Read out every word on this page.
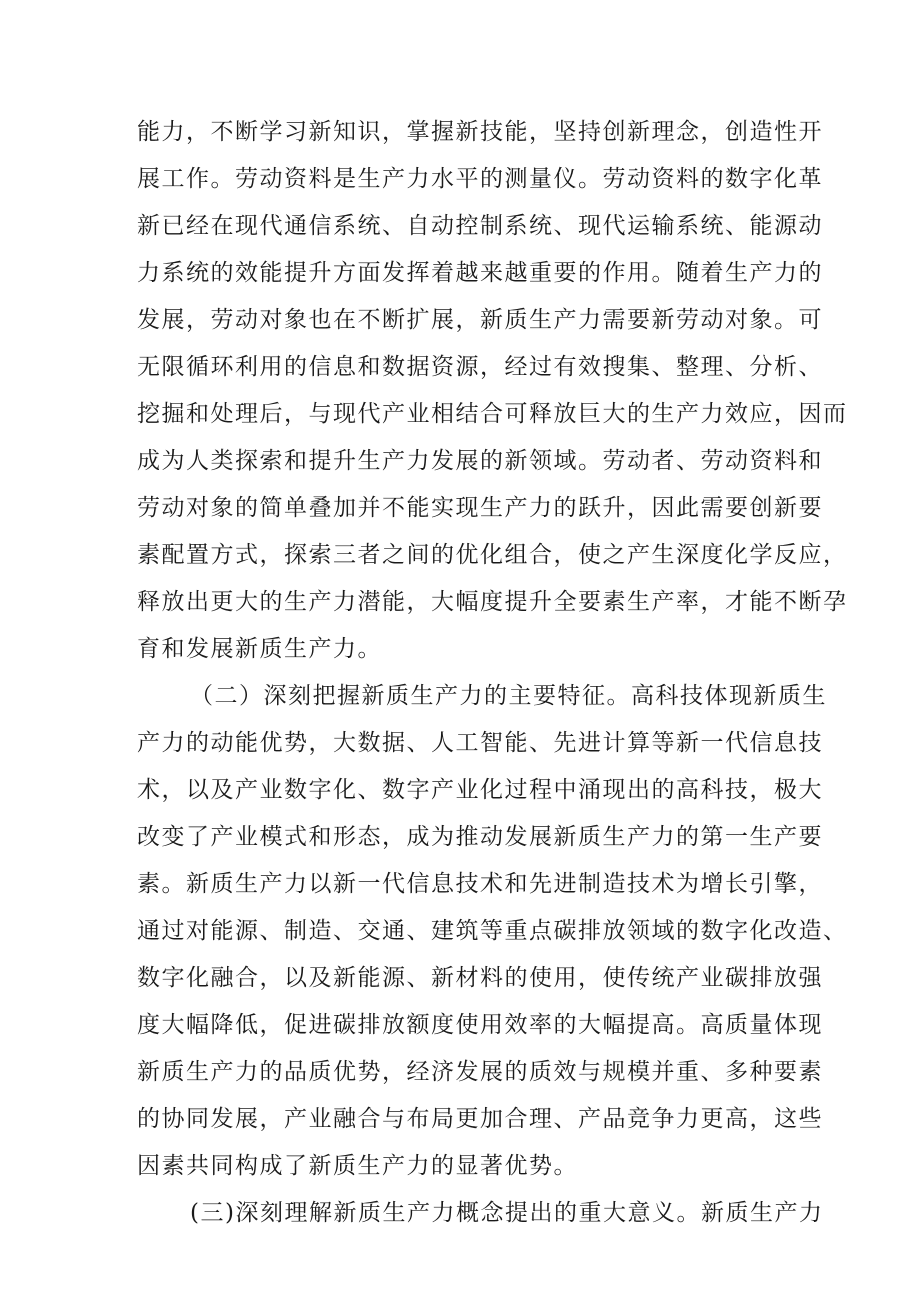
能力，不断学习新知识，掌握新技能，坚持创新理念，创造性开
展工作。劳动资料是生产力水平的测量仪。劳动资料的数字化革
新已经在现代通信系统、自动控制系统、现代运输系统、能源动
力系统的效能提升方面发挥着越来越重要的作用。随着生产力的
发展，劳动对象也在不断扩展，新质生产力需要新劳动对象。可
无限循环利用的信息和数据资源，经过有效搜集、整理、分析、
挖掘和处理后，与现代产业相结合可释放巨大的生产力效应，因而
成为人类探索和提升生产力发展的新领域。劳动者、劳动资料和
劳动对象的简单叠加并不能实现生产力的跃升，因此需要创新要
素配置方式，探索三者之间的优化组合，使之产生深度化学反应，
释放出更大的生产力潜能，大幅度提升全要素生产率，才能不断孕
育和发展新质生产力。
（二）深刻把握新质生产力的主要特征。高科技体现新质生
产力的动能优势，大数据、人工智能、先进计算等新一代信息技
术，以及产业数字化、数字产业化过程中涌现出的高科技，极大
改变了产业模式和形态，成为推动发展新质生产力的第一生产要
素。新质生产力以新一代信息技术和先进制造技术为增长引擎，
通过对能源、制造、交通、建筑等重点碳排放领域的数字化改造、
数字化融合，以及新能源、新材料的使用，使传统产业碳排放强
度大幅降低，促进碳排放额度使用效率的大幅提高。高质量体现
新质生产力的品质优势，经济发展的质效与规模并重、多种要素
的协同发展，产业融合与布局更加合理、产品竞争力更高，这些
因素共同构成了新质生产力的显著优势。
(三)深刻理解新质生产力概念提出的重大意义。新质生产力
